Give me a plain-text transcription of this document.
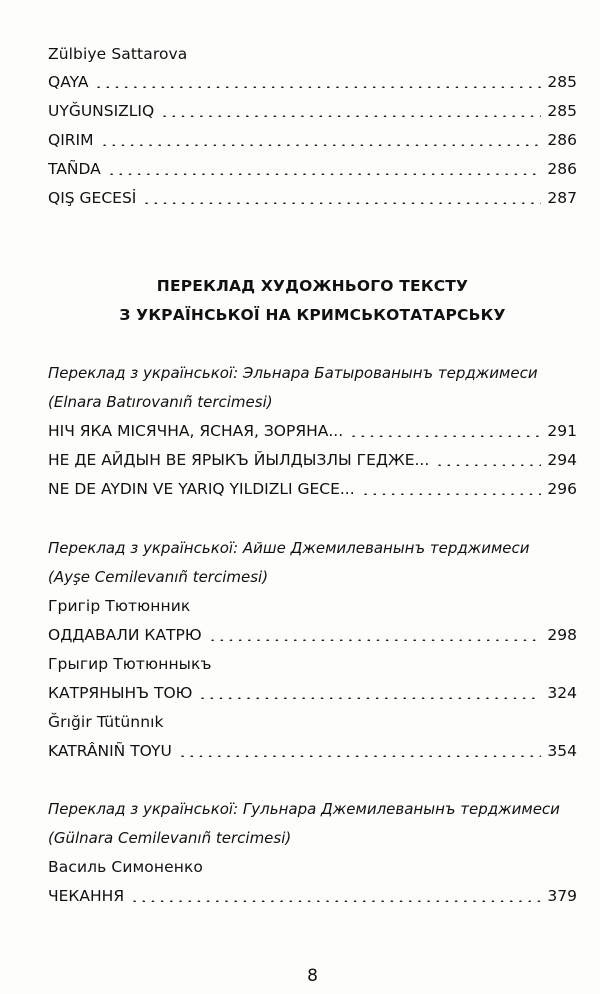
Zülbiye Sattarova
QAYA	285
UYĞUNSIZLIQ	285
QIRIM	286
TAÑDA	286
QIŞ GECESİ	287
ПЕРЕКЛАД ХУДОЖНЬОГО ТЕКСТУ
З УКРАЇНСЬКОЇ НА КРИМСЬКОТАТАРСЬКУ
Переклад з української: Эльнара Батырованынъ терджимеси
(Elnara Batırovanıñ tercimesi)
НІЧ ЯКА МІСЯЧНА, ЯСНАЯ, ЗОРЯНА...	291
НЕ ДЕ АЙДЫН ВЕ ЯРЫКЪ ЙЫЛДЫЗЛЫ ГЕДЖЕ...	294
NE DE AYDIN VE YARIQ YILDIZLI GECE...	296
Переклад з української: Айше Джемилеванынъ терджимеси
(Ayşe Cemilevanıñ tercimesi)
Григір Тютюнник
ОДДАВАЛИ КАТРЮ	298
Грыгир Тютюнныкъ
КАТРЯНЫНЪ ТОЮ	324
Ğrığir Tütünnık
KATRÂNIÑ TOYU	354
Переклад з української: Гульнара Джемилеванынъ терджимеси
(Gülnara Cemilevanıñ tercimesi)
Василь Симоненко
ЧЕКАННЯ	379
8
